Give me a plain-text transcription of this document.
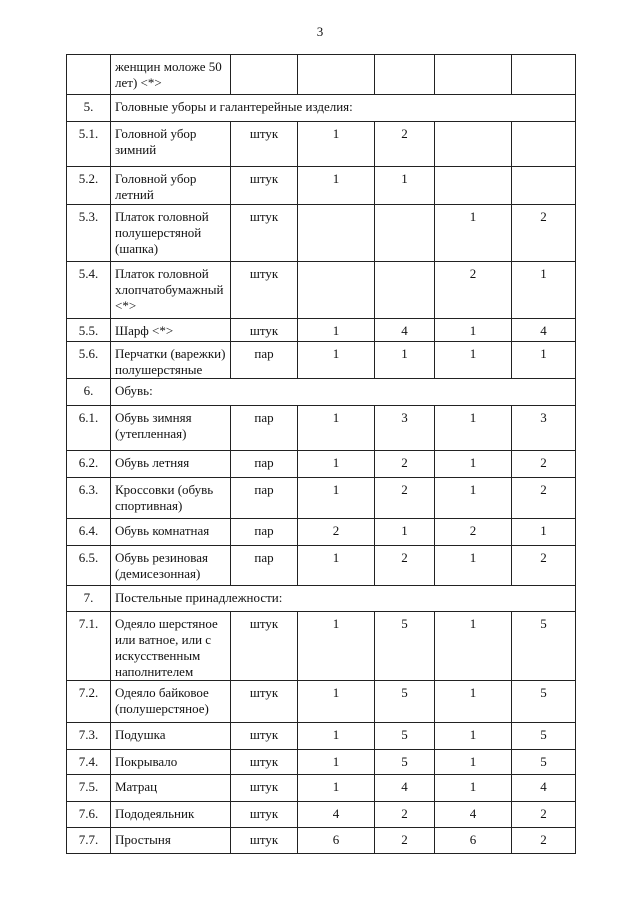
3
	женщин моложе 50 лет) <*>					
5.	Головные уборы и галантерейные изделия:					
5.1.	Головной убор зимний	штук	1	2		
5.2.	Головной убор летний	штук	1	1		
5.3.	Платок головной полушерстяной (шапка)	штук			1	2
5.4.	Платок головной хлопчатобумажный <*>	штук			2	1
5.5.	Шарф <*>	штук	1	4	1	4
5.6.	Перчатки (варежки) полушерстяные	пар	1	1	1	1
6.	Обувь:					
6.1.	Обувь зимняя (утепленная)	пар	1	3	1	3
6.2.	Обувь летняя	пар	1	2	1	2
6.3.	Кроссовки (обувь спортивная)	пар	1	2	1	2
6.4.	Обувь комнатная	пар	2	1	2	1
6.5.	Обувь резиновая (демисезонная)	пар	1	2	1	2
7.	Постельные принадлежности:					
7.1.	Одеяло шерстяное или ватное, или с искусственным наполнителем	штук	1	5	1	5
7.2.	Одеяло байковое (полушерстяное)	штук	1	5	1	5
7.3.	Подушка	штук	1	5	1	5
7.4.	Покрывало	штук	1	5	1	5
7.5.	Матрац	штук	1	4	1	4
7.6.	Пододеяльник	штук	4	2	4	2
7.7.	Простыня	штук	6	2	6	2
